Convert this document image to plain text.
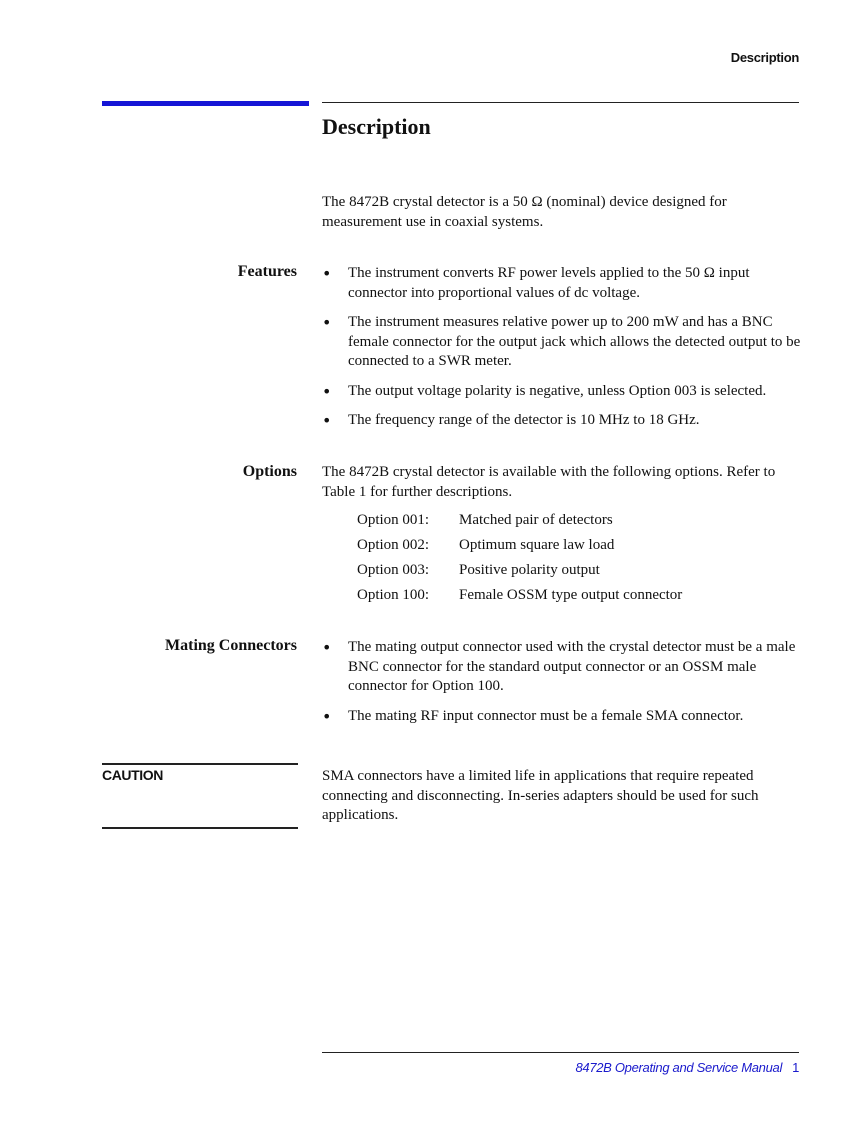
Description
Description

The 8472B crystal detector is a 50 Ω (nominal) device designed for measurement use in coaxial systems.

Features • The instrument converts RF power levels applied to the 50 Ω input connector into proportional values of dc voltage.
• The instrument measures relative power up to 200 mW and has a BNC female connector for the output jack which allows the detected output to be connected to a SWR meter.
• The output voltage polarity is negative, unless Option 003 is selected.
• The frequency range of the detector is 10 MHz to 18 GHz.
Options The 8472B crystal detector is available with the following options. Refer to Table 1 for further descriptions.

Option 001:	Matched pair of detectors
Option 002:	Optimum square law load
Option 003:	Positive polarity output
Option 100:	Female OSSM type output connector
Mating Connectors • The mating output connector used with the crystal detector must be a male BNC connector for the standard output connector or an OSSM male connector for Option 100.
• The mating RF input connector must be a female SMA connector.
CAUTION	SMA connectors have a limited life in applications that require repeated connecting and disconnecting. In-series adapters should be used for such applications.

8472B Operating and Service Manual 1
